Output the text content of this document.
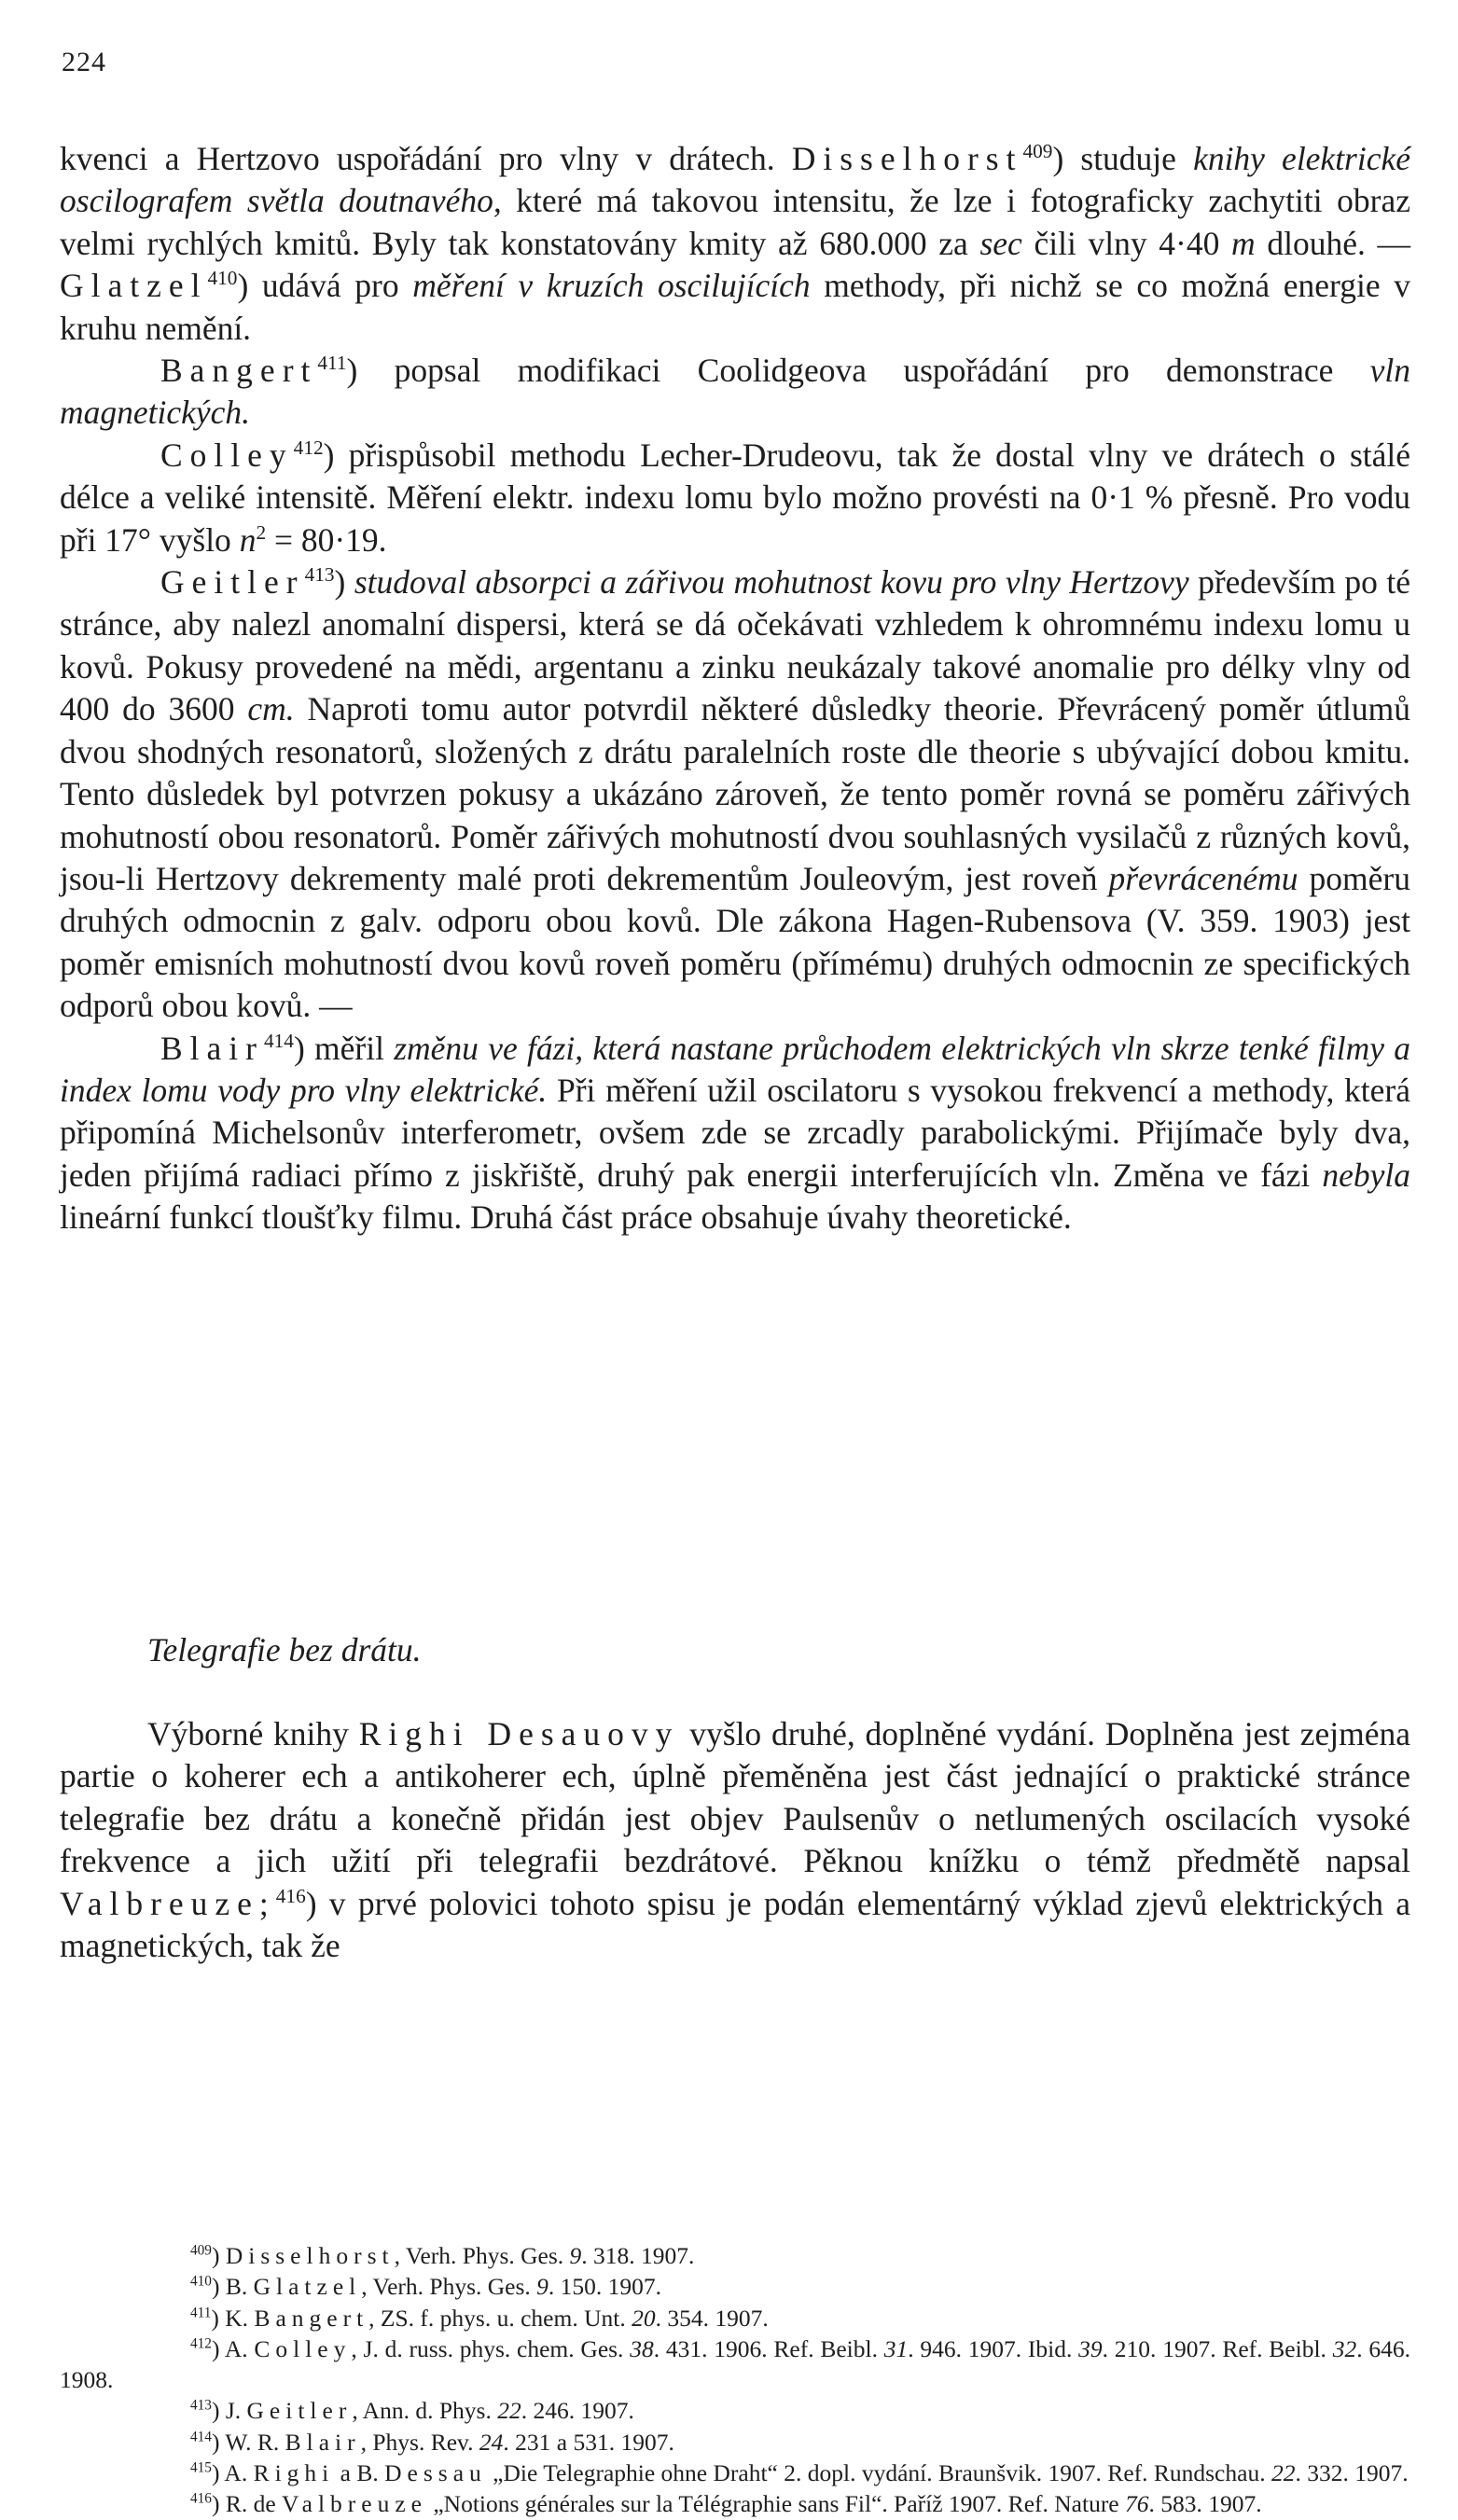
224

kvenci a Hertzovo uspořádání pro vlny v drátech. Disselhorst$^{409}$) studuje knihy elektrické oscilografem světla doutnavého, které má takovou intensitu, že lze i fotograficky zachytiti obraz velmi rychlých kmitů. Byly tak konstatovány kmity až 680.000 za sec čili vlny 4·40 m dlouhé. — Glatzel$^{410}$) udává pro měření v kruzích oscilujících methody, při nichž se co možná energie v kruhu nemění.

Bangert$^{411}$) popsal modifikaci Coolidgeova uspořádání pro demonstrace vln magnetických.

Colley$^{412}$) přispůsobil methodu Lecher-Drudeovu, tak že dostal vlny ve drátech o stálé délce a veliké intensitě. Měření elektr. indexu lomu bylo možno provésti na 0·1 % přesně. Pro vodu při 17° vyšlo $n^2 = 80\cdot 19$.

Geitler$^{413}$) studoval absorpci a zářivou mohutnost kovu pro vlny Hertzovy především po té stránce, aby nalezl anomalní dispersi, která se dá očekávati vzhledem k ohromnému indexu lomu u kovů. Pokusy provedené na mědi, argentanu a zinku neukázaly takové anomalie pro délky vlny od 400 do 3600 cm. Naproti tomu autor potvrdil některé důsledky theorie. Převrácený poměr útlumů dvou shodných resonatorů, složených z drátu paralelních roste dle theorie s ubývající dobou kmitu. Tento důsledek byl potvrzen pokusy a ukázáno zároveň, že tento poměr rovná se poměru zářivých mohutností obou resonatorů. Poměr zářivých mohutností dvou souhlasných vysilačů z různých kovů, jsou-li Hertzovy dekrementy malé proti dekrementům Jouleovým, jest roveň převrácenému poměru druhých odmocnin z galv. odporu obou kovů. Dle zákona Hagen-Rubensova (V. 359. 1903) jest poměr emisních mohutností dvou kovů roveň poměru (přímému) druhých odmocnin ze specifických odporů obou kovů. —

Blair$^{414}$) měřil změnu ve fázi, která nastane průchodem elektrických vln skrze tenké filmy a index lomu vody pro vlny elektrické. Při měření užil oscilatoru s vysokou frekvencí a methody, která připomíná Michelsonův interferometr, ovšem zde se zrcadly parabolickými. Přijímače byly dva, jeden přijímá radiaci přímo z jiskřiště, druhý pak energii interferujících vln. Změna ve fázi nebyla lineární funkcí tloušťky filmu. Druhá část práce obsahuje úvahy theoretické.

Telegrafie bez drátu.

Výborné knihy Righi Desauovy vyšlo druhé, doplněné vydání. Doplněna jest zejména partie o koherer ech a antikoherer ech, úplně přeměněna jest část jednající o praktické stránce telegrafie bez drátu a konečně přidán jest objev Paulsenův o netlumených oscilacích vysoké frekvence a jich užití při telegrafii bezdrátové. Pěknou knížku o témž předmětě napsal Valbreuze;$^{416}$) v prvé polovici tohoto spisu je podán elementárný výklad zjevů elektrických a magnetických, tak že

$^{409}$) Disselhorst, Verh. Phys. Ges. 9. 318. 1907.

$^{410}$) B. Glatzel, Verh. Phys. Ges. 9. 150. 1907.

$^{411}$) K. Bangert, ZS. f. phys. u. chem. Unt. 20. 354. 1907.

$^{412}$) A. Colley, J. d. russ. phys. chem. Ges. 38. 431. 1906. Ref. Beibl. 31. 946. 1907. Ibid. 39. 210. 1907. Ref. Beibl. 32. 646. 1908.

$^{413}$) J. Geitler, Ann. d. Phys. 22. 246. 1907.

$^{414}$) W. R. Blair, Phys. Rev. 24. 231 a 531. 1907.

$^{415}$) A. Righi a B. Dessau „Die Telegraphie ohne Draht“ 2. dopl. vydání. Braunšvik. 1907. Ref. Rundschau. 22. 332. 1907.

$^{416}$) R. de Valbreuze „Notions générales sur la Télégraphie sans Fil“. Paříž 1907. Ref. Nature 76. 583. 1907.
